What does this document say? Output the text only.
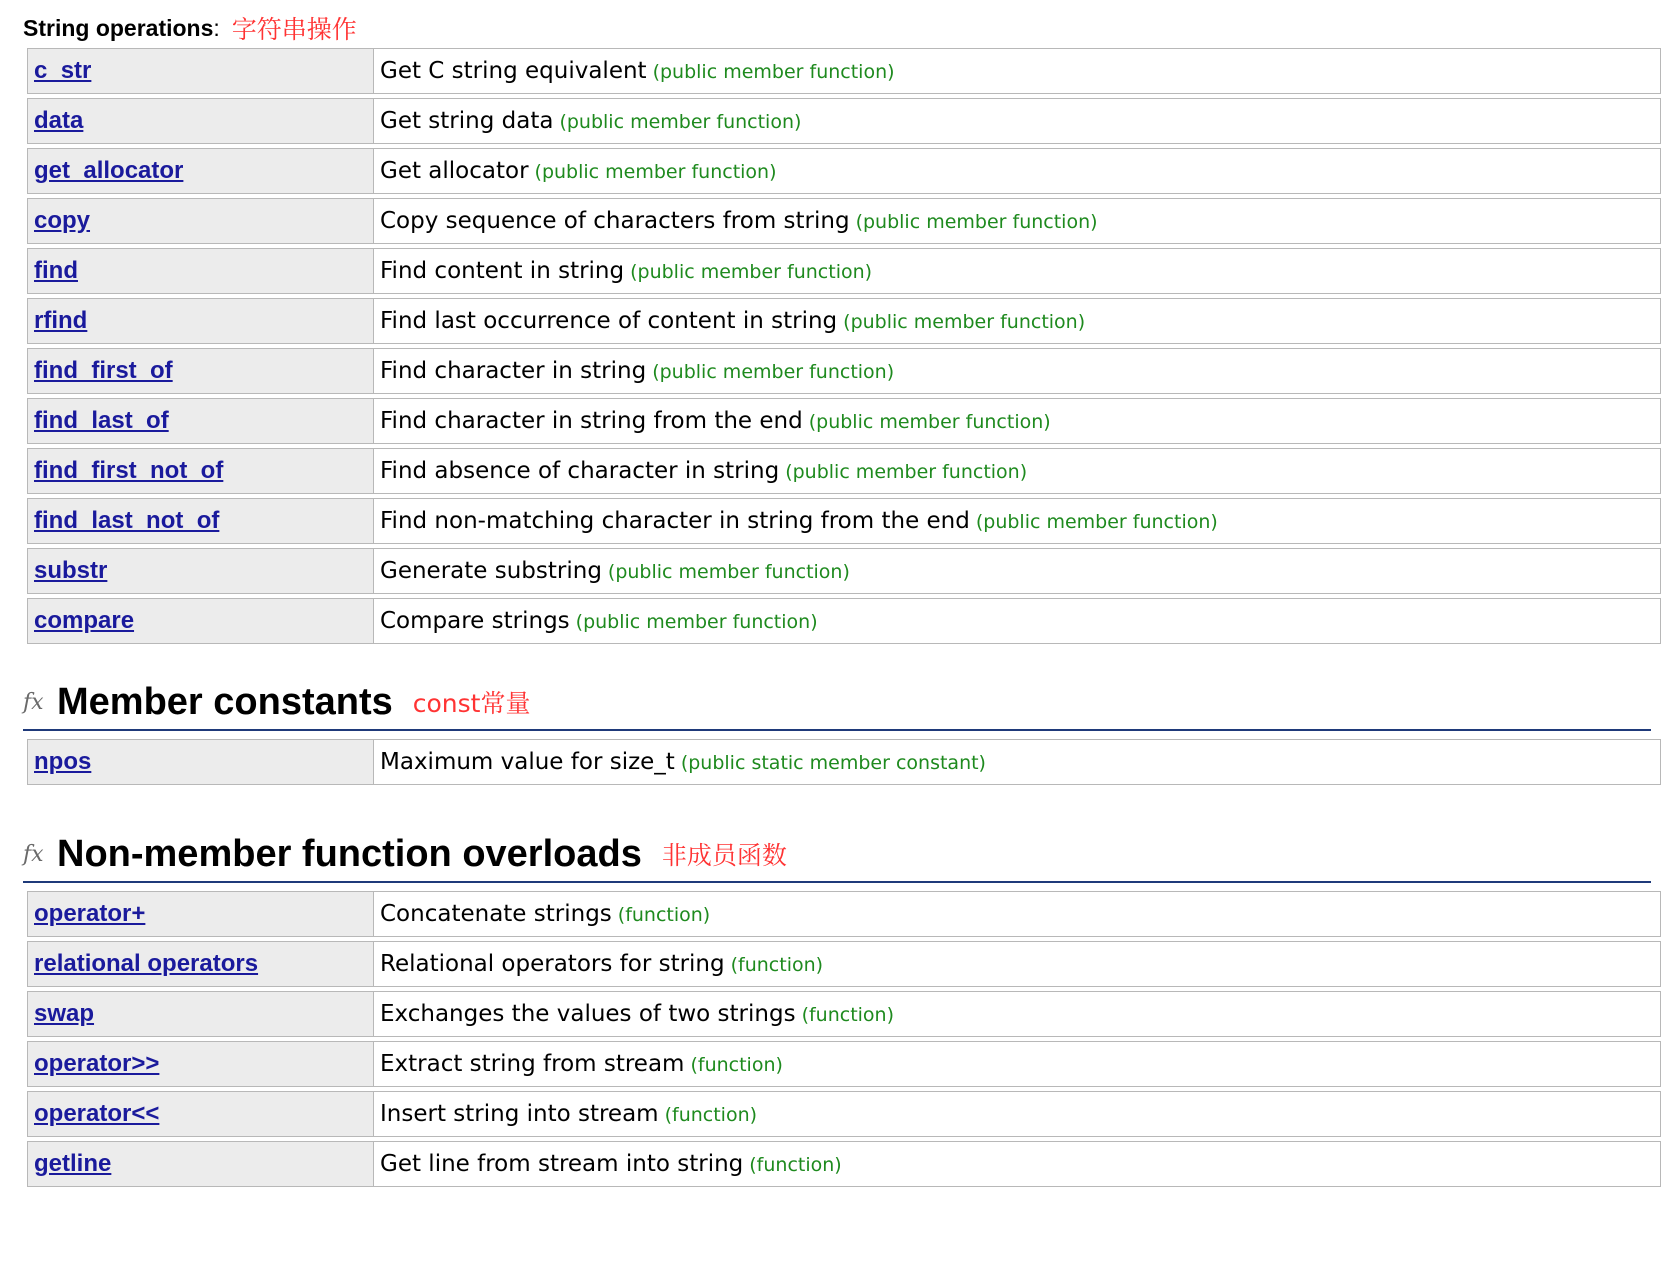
String operations : 字符串操作
c_str	Get C string equivalent (public member function)
data	Get string data (public member function)
get_allocator	Get allocator (public member function)
copy	Copy sequence of characters from string (public member function)
find	Find content in string (public member function)
rfind	Find last occurrence of content in string (public member function)
find_first_of	Find character in string (public member function)
find_last_of	Find character in string from the end (public member function)
find_first_not_of	Find absence of character in string (public member function)
find_last_not_of	Find non-matching character in string from the end (public member function)
substr	Generate substring (public member function)
compare	Compare strings (public member function)
fx Member constants const常量
npos	Maximum value for size_t (public static member constant)
fx Non-member function overloads 非成员函数
operator+	Concatenate strings (function)
relational operators	Relational operators for string (function)
swap	Exchanges the values of two strings (function)
operator>>	Extract string from stream (function)
operator<<	Insert string into stream (function)
getline	Get line from stream into string (function)
